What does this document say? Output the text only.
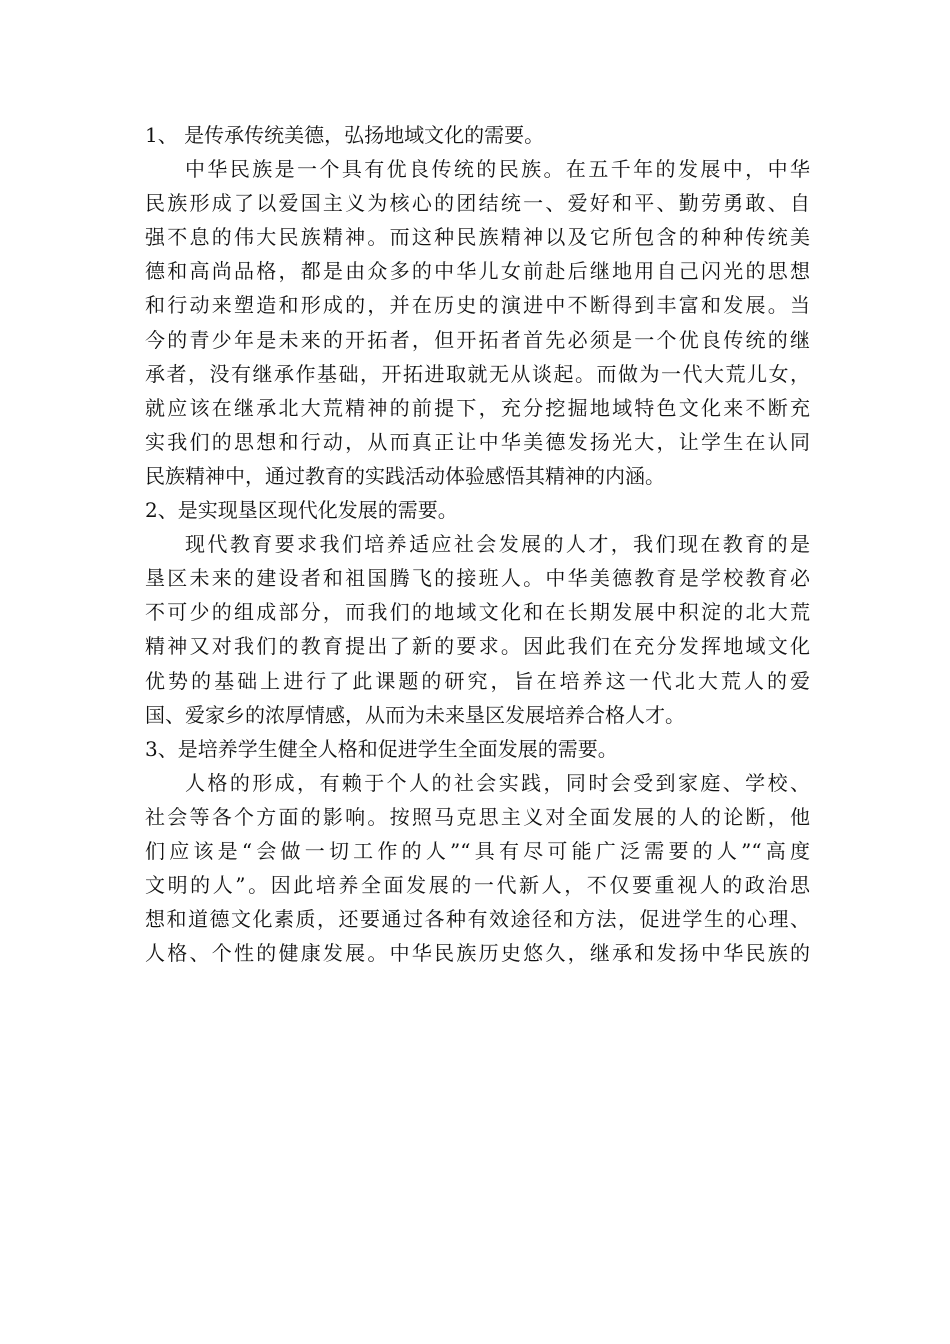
1、 是传承传统美德，弘扬地域文化的需要。
中华民族是一个具有优良传统的民族。在五千年的发展中，中华
民族形成了以爱国主义为核心的团结统一、爱好和平、勤劳勇敢、自
强不息的伟大民族精神。而这种民族精神以及它所包含的种种传统美
德和高尚品格，都是由众多的中华儿女前赴后继地用自己闪光的思想
和行动来塑造和形成的，并在历史的演进中不断得到丰富和发展。当
今的青少年是未来的开拓者，但开拓者首先必须是一个优良传统的继
承者，没有继承作基础，开拓进取就无从谈起。而做为一代大荒儿女，
就应该在继承北大荒精神的前提下，充分挖掘地域特色文化来不断充
实我们的思想和行动，从而真正让中华美德发扬光大，让学生在认同
民族精神中，通过教育的实践活动体验感悟其精神的内涵。
2、是实现垦区现代化发展的需要。
现代教育要求我们培养适应社会发展的人才，我们现在教育的是
垦区未来的建设者和祖国腾飞的接班人。中华美德教育是学校教育必
不可少的组成部分，而我们的地域文化和在长期发展中积淀的北大荒
精神又对我们的教育提出了新的要求。因此我们在充分发挥地域文化
优势的基础上进行了此课题的研究，旨在培养这一代北大荒人的爱
国、爱家乡的浓厚情感，从而为未来垦区发展培养合格人才。
3、是培养学生健全人格和促进学生全面发展的需要。
人格的形成，有赖于个人的社会实践，同时会受到家庭、学校、
社会等各个方面的影响。按照马克思主义对全面发展的人的论断，他
们应该是“会做一切工作的人”“具有尽可能广泛需要的人”“高度
文明的人”。因此培养全面发展的一代新人，不仅要重视人的政治思
想和道德文化素质，还要通过各种有效途径和方法，促进学生的心理、
人格、个性的健康发展。中华民族历史悠久，继承和发扬中华民族的
